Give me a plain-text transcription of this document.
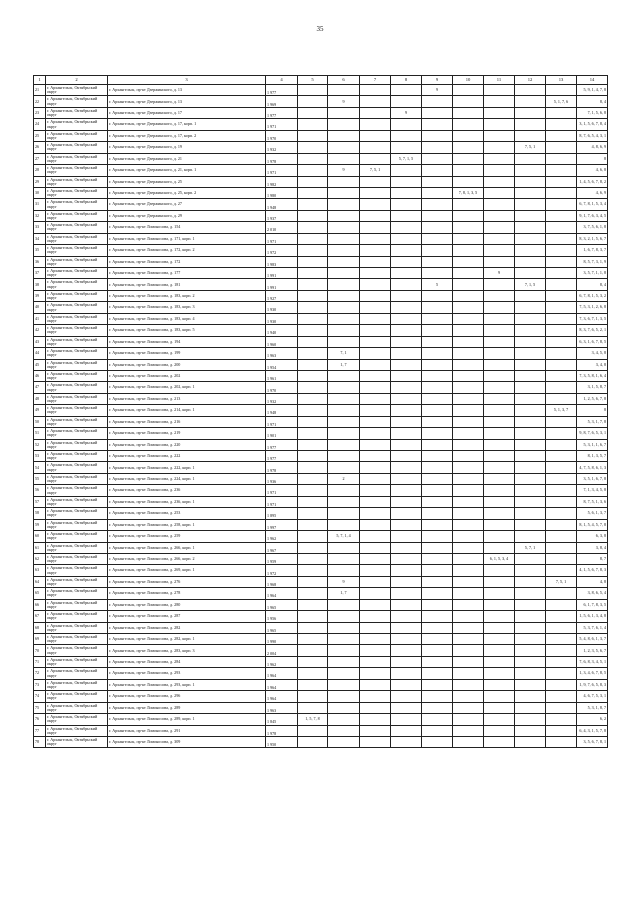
35
1	2	3	4	5	6	7	8	9	10	11	12	13	14
21	г. Архангельск, Октябрьский округ	г. Архангельск, пр-кт Дзержинского, д. 13	1 977					9					5, 9, 1, 4, 7, 8
22	г. Архангельск, Октябрьский округ	г. Архангельск, пр-кт Дзержинского, д. 13	1 969		9							5, 1, 7, 6	8, 4
23	г. Архангельск, Октябрьский округ	г. Архангельск, пр-кт Дзержинского, д. 17	1 977				9						7, 1, 5, 6, 8
24	г. Архангельск, Октябрьский округ	г. Архангельск, пр-кт Дзержинского, д. 17, корп. 1	1 971										3, 1, 5, 6, 7, 8, 4
25	г. Архангельск, Октябрьский округ	г. Архангельск, пр-кт Дзержинского, д. 17, корп. 2	1 970										8, 7, 6, 5, 4, 3, 1
26	г. Архангельск, Октябрьский округ	г. Архангельск, пр-кт Дзержинского, д. 19	1 932								7, 5, 1		4, 8, 6, 9
27	г. Архангельск, Октябрьский округ	г. Архангельск, пр-кт Дзержинского, д. 21	1 978				5, 7, 1, 5						8
28	г. Архангельск, Октябрьский округ	г. Архангельск, пр-кт Дзержинского, д. 21, корп. 1	1 971		9	7, 5, 1							4, 6, 8
29	г. Архангельск, Октябрьский округ	г. Архангельск, пр-кт Дзержинского, д. 25	1 982										1, 4, 5, 6, 7, 8, 2
30	г. Архангельск, Октябрьский округ	г. Архангельск, пр-кт Дзержинского, д. 25, корп. 2	1 980						7, 8, 1, 3, 5				4, 6, 9
31	г. Архангельск, Октябрьский округ	г. Архангельск, пр-кт Дзержинского, д. 27	1 948										6, 7, 8, 1, 5, 3, 4
32	г. Архангельск, Октябрьский округ	г. Архангельск, пр-кт Дзержинского, д. 29	1 937										9, 1, 7, 6, 3, 4, 5
33	г. Архангельск, Октябрьский округ	г. Архангельск, пр-кт Ломоносова, д. 154	2 010										3, 7, 5, 6, 1, 8
34	г. Архангельск, Октябрьский округ	г. Архангельск, пр-кт Ломоносова, д. 171, корп. 1	1 971										8, 3, 2, 1, 5, 6, 7
35	г. Архангельск, Октябрьский округ	г. Архангельск, пр-кт Ломоносова, д. 172, корп. 2	1 972										1, 6, 7, 8, 3, 7
36	г. Архангельск, Октябрьский округ	г. Архангельск, пр-кт Ломоносова, д. 172	1 983										8, 5, 7, 3, 1, 9
37	г. Архангельск, Октябрьский округ	г. Архангельск, пр-кт Ломоносова, д. 177	1 991							9			3, 5, 7, 1, 1, 8
38	г. Архангельск, Октябрьский округ	г. Архангельск, пр-кт Ломоносова, д. 181	1 991					5			7, 1, 5		8, 4
39	г. Архангельск, Октябрьский округ	г. Архангельск, пр-кт Ломоносова, д. 183, корп. 2	1 927										6, 7, 8, 1, 5, 3, 2
40	г. Архангельск, Октябрьский округ	г. Архангельск, пр-кт Ломоносова, д. 183, корп. 3	1 930										7, 5, 3, 1, 2, 6, 8
41	г. Архангельск, Октябрьский округ	г. Архангельск, пр-кт Ломоносова, д. 183, корп. 4	1 930										7, 3, 6, 7, 1, 3, 5
42	г. Архангельск, Октябрьский округ	г. Архангельск, пр-кт Ломоносова, д. 183, корп. 5	1 940										8, 3, 7, 6, 5, 2, 1
43	г. Архангельск, Октябрьский округ	г. Архангельск, пр-кт Ломоносова, д. 194	1 960										6, 3, 1, 6, 7, 8, 5
44	г. Архангельск, Октябрьский округ	г. Архангельск, пр-кт Ломоносова, д. 199	1 963		7, 1								3, 4, 5, 8
45	г. Архангельск, Октябрьский округ	г. Архангельск, пр-кт Ломоносова, д. 200	1 954		1, 7								3, 4, 8
46	г. Архангельск, Октябрьский округ	г. Архангельск, пр-кт Ломоносова, д. 202	1 961										7, 3, 5, 8, 1, 6, 4
47	г. Архангельск, Октябрьский округ	г. Архангельск, пр-кт Ломоносова, д. 202, корп. 1	1 970										3, 1, 5, 8, 7
48	г. Архангельск, Октябрьский округ	г. Архангельск, пр-кт Ломоносова, д. 213	1 932										1, 2, 5, 6, 7, 8
49	г. Архангельск, Октябрьский округ	г. Архангельск, пр-кт Ломоносова, д. 214, корп. 1	1 948									5, 1, 3, 7	8
50	г. Архангельск, Октябрьский округ	г. Архангельск, пр-кт Ломоносова, д. 216	1 971										5, 3, 1, 7, 8
51	г. Архангельск, Октябрьский округ	г. Архангельск, пр-кт Ломоносова, д. 219	1 901										9, 8, 7, 6, 5, 3, 1
52	г. Архангельск, Октябрьский округ	г. Архангельск, пр-кт Ломоносова, д. 220	1 977										5, 3, 1, 1, 6, 7
53	г. Архангельск, Октябрьский округ	г. Архангельск, пр-кт Ломоносова, д. 222	1 977										8, 1, 3, 5, 7
54	г. Архангельск, Октябрьский округ	г. Архангельск, пр-кт Ломоносова, д. 222, корп. 1	1 978										4, 7, 5, 8, 6, 1, 3
55	г. Архангельск, Октябрьский округ	г. Архангельск, пр-кт Ломоносова, д. 224, корп. 1	1 936		2								3, 5, 1, 6, 7, 8
56	г. Архангельск, Октябрьский округ	г. Архангельск, пр-кт Ломоносова, д. 236	1 971										7, 1, 3, 4, 5, 8
57	г. Архангельск, Октябрьский округ	г. Архангельск, пр-кт Ломоносова, д. 236, корп. 1	1 971										8, 7, 5, 1, 3, 6
58	г. Архангельск, Октябрьский округ	г. Архангельск, пр-кт Ломоносова, д. 253	1 895										5, 6, 1, 3, 7
59	г. Архангельск, Октябрьский округ	г. Архангельск, пр-кт Ломоносова, д. 258, корп. 1	1 997										8, 1, 5, 4, 5, 7, 8
60	г. Архангельск, Октябрьский округ	г. Архангельск, пр-кт Ломоносова, д. 259	1 962		5, 7, 1, 4								6, 3, 8
61	г. Архангельск, Октябрьский округ	г. Архангельск, пр-кт Ломоносова, д. 266, корп. 1	1 967								5, 7, 1		3, 8, 4
62	г. Архангельск, Октябрьский округ	г. Архангельск, пр-кт Ломоносова, д. 266, корп. 2	1 959							6, 1, 5, 3, 4			8, 7
63	г. Архангельск, Октябрьский округ	г. Архангельск, пр-кт Ломоносова, д. 269, корп. 1	1 972										4, 1, 5, 6, 7, 8, 3
64	г. Архангельск, Октябрьский округ	г. Архангельск, пр-кт Ломоносова, д. 276	1 968		9							7, 5, 1	4, 8
65	г. Архангельск, Октябрьский округ	г. Архангельск, пр-кт Ломоносова, д. 278	1 964		1, 7								3, 8, 6, 5, 4
66	г. Архангельск, Октябрьский округ	г. Архангельск, пр-кт Ломоносова, д. 280	1 965										6, 1, 7, 8, 3, 5
67	г. Архангельск, Октябрьский округ	г. Архангельск, пр-кт Ломоносова, д. 287	1 956										1, 5, 6, 1, 3, 4, 8
68	г. Архангельск, Октябрьский округ	г. Архангельск, пр-кт Ломоносова, д. 282	1 965										5, 3, 7, 6, 1, 4
69	г. Архангельск, Октябрьский округ	г. Архангельск, пр-кт Ломоносова, д. 282, корп. 1	1 990										5, 4, 8, 6, 1, 3, 7
70	г. Архангельск, Октябрьский округ	г. Архангельск, пр-кт Ломоносова, д. 283, корп. 3	2 004										1, 2, 3, 5, 6, 7
71	г. Архангельск, Октябрьский округ	г. Архангельск, пр-кт Ломоносова, д. 284	1 962										7, 6, 8, 3, 4, 5, 1
72	г. Архангельск, Октябрьский округ	г. Архангельск, пр-кт Ломоносова, д. 293	1 964										1, 3, 4, 6, 7, 8, 5
73	г. Архангельск, Октябрьский округ	г. Архангельск, пр-кт Ломоносова, д. 293, корп. 1	1 964										1, 9, 7, 6, 5, 8, 3
74	г. Архангельск, Октябрьский округ	г. Архангельск, пр-кт Ломоносова, д. 296	1 964										4, 6, 7, 5, 3, 1
75	г. Архангельск, Октябрьский округ	г. Архангельск, пр-кт Ломоносова, д. 289	1 963										5, 3, 1, 8, 7
76	г. Архангельск, Октябрьский округ	г. Архангельск, пр-кт Ломоносова, д. 289, корп. 1	1 845	1, 5, 7, 8									6, 2
77	г. Архангельск, Октябрьский округ	г. Архангельск, пр-кт Ломоносова, д. 291	1 978										6, 4, 3, 1, 5, 7, 8
78	г. Архангельск, Октябрьский округ	г. Архангельск, пр-кт Ломоносова, д. 309	1 950										3, 5, 6, 7, 8, 1
